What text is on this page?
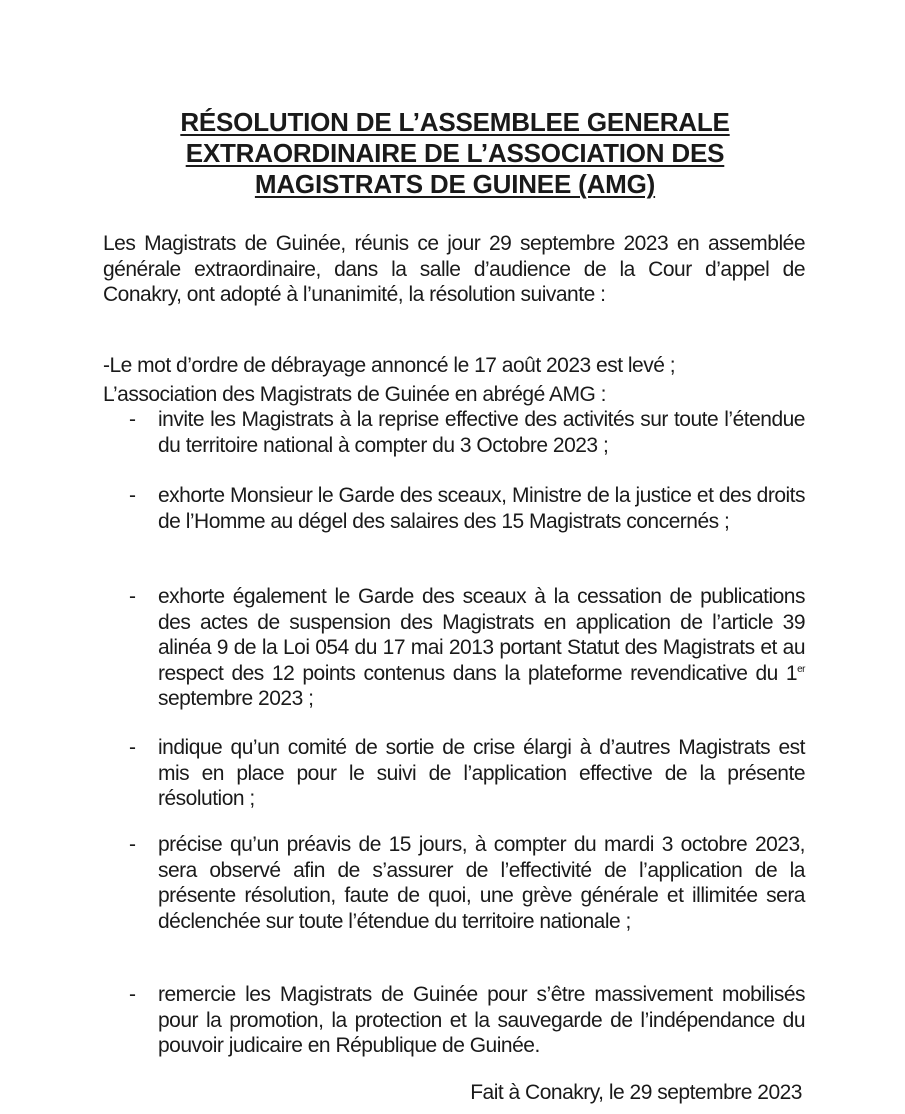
RÉSOLUTION DE L’ASSEMBLEE GENERALE
EXTRAORDINAIRE DE L’ASSOCIATION DES
MAGISTRATS DE GUINEE (AMG)
Les Magistrats de Guinée, réunis ce jour 29 septembre 2023 en assemblée générale extraordinaire, dans la salle d’audience de la Cour d’appel de Conakry, ont adopté à l’unanimité, la résolution suivante :
-Le mot d’ordre de débrayage annoncé le 17 août 2023 est levé ;
L’association des Magistrats de Guinée en abrégé AMG :
- invite les Magistrats à la reprise effective des activités sur toute l’étendue du territoire national à compter du 3 Octobre 2023 ;
- exhorte Monsieur le Garde des sceaux, Ministre de la justice et des droits de l’Homme au dégel des salaires des 15 Magistrats concernés ;
- exhorte également le Garde des sceaux à la cessation de publications des actes de suspension des Magistrats en application de l’article 39 alinéa 9 de la Loi 054 du 17 mai 2013 portant Statut des Magistrats et au respect des 12 points contenus dans la plateforme revendicative du 1er septembre 2023 ;
- indique qu’un comité de sortie de crise élargi à d’autres Magistrats est mis en place pour le suivi de l’application effective de la présente résolution ;
- précise qu’un préavis de 15 jours, à compter du mardi 3 octobre 2023, sera observé afin de s’assurer de l’effectivité de l’application de la présente résolution, faute de quoi, une grève générale et illimitée sera déclenchée sur toute l’étendue du territoire nationale ;
- remercie les Magistrats de Guinée pour s’être massivement mobilisés pour la promotion, la protection et la sauvegarde de l’indépendance du pouvoir judicaire en République de Guinée.
Fait à Conakry, le 29 septembre 2023
